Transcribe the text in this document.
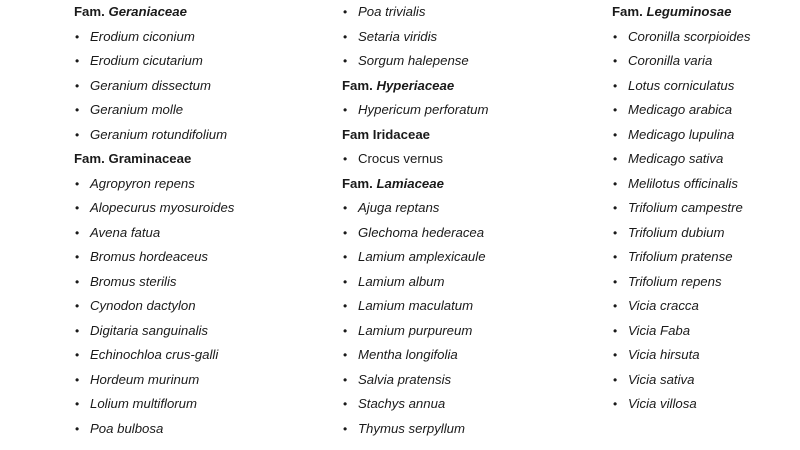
Fam. Geraniaceae
• Erodium ciconium
• Erodium cicutarium
• Geranium dissectum
• Geranium molle
• Geranium rotundifolium
Fam. Graminaceae
• Agropyron repens
• Alopecurus myosuroides
• Avena fatua
• Bromus hordeaceus
• Bromus sterilis
• Cynodon dactylon
• Digitaria sanguinalis
• Echinochloa crus-galli
• Hordeum murinum
• Lolium multiflorum
• Poa bulbosa
• Poa trivialis
• Setaria viridis
• Sorgum halepense
Fam. Hyperiaceae
• Hypericum perforatum
Fam Iridaceae
• Crocus vernus
Fam. Lamiaceae
• Ajuga reptans
• Glechoma hederacea
• Lamium amplexicaule
• Lamium album
• Lamium maculatum
• Lamium purpureum
• Mentha longifolia
• Salvia pratensis
• Stachys annua
• Thymus serpyllum
Fam. Leguminosae
• Coronilla scorpioides
• Coronilla varia
• Lotus corniculatus
• Medicago arabica
• Medicago lupulina
• Medicago sativa
• Melilotus officinalis
• Trifolium campestre
• Trifolium dubium
• Trifolium pratense
• Trifolium repens
• Vicia cracca
• Vicia Faba
• Vicia hirsuta
• Vicia sativa
• Vicia villosa
